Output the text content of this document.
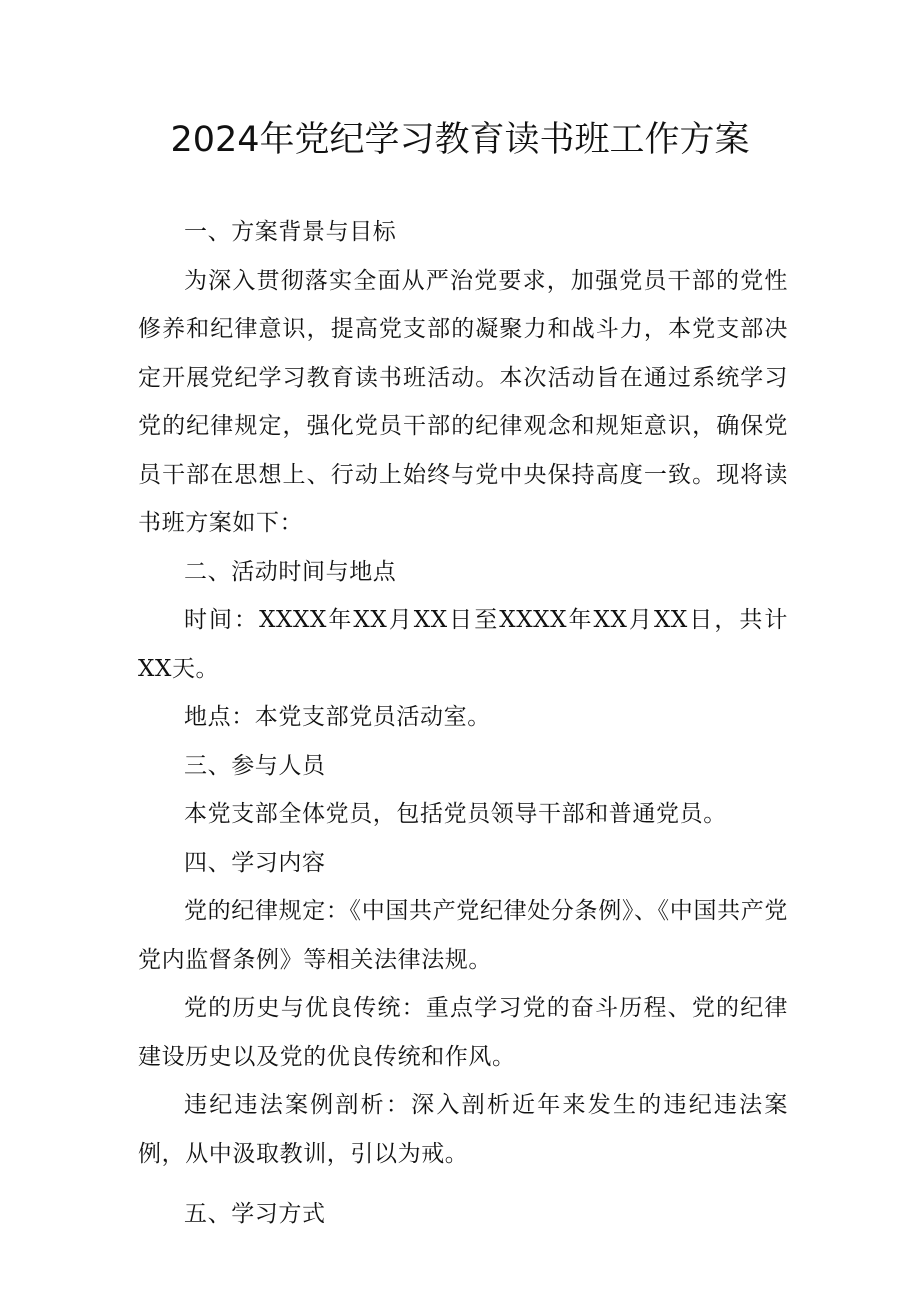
2024年党纪学习教育读书班工作方案

一、方案背景与目标

为深入贯彻落实全面从严治党要求，加强党员干部的党性修养和纪律意识，提高党支部的凝聚力和战斗力，本党支部决定开展党纪学习教育读书班活动。本次活动旨在通过系统学习党的纪律规定，强化党员干部的纪律观念和规矩意识，确保党员干部在思想上、行动上始终与党中央保持高度一致。现将读书班方案如下：

二、活动时间与地点

时间：XXXX年XX月XX日至XXXX年XX月XX日，共计XX天。

地点：本党支部党员活动室。

三、参与人员

本党支部全体党员，包括党员领导干部和普通党员。

四、学习内容

党的纪律规定：《中国共产党纪律处分条例》、《中国共产党党内监督条例》等相关法律法规。

党的历史与优良传统：重点学习党的奋斗历程、党的纪律建设历史以及党的优良传统和作风。

违纪违法案例剖析：深入剖析近年来发生的违纪违法案例，从中汲取教训，引以为戒。

五、学习方式
